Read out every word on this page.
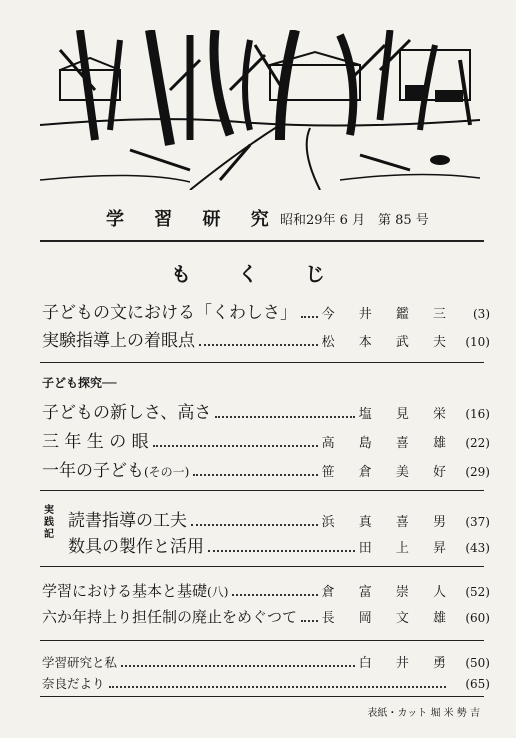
学 習 研 究 昭和29年 6 月 第 85 号
も く じ
子どもの文における「くわしさ」 今 井 鑑 三	(3)
実験指導上の着眼点	松 本 武 夫 (10)
子ども探究──
子どもの新しさ、高さ	塩 見 栄 (16)
三 年 生 の 眼	高 島 喜 雄 (22)
一年の子ども (その一)	笹 倉 美 好 (29)
実
践
記
読書指導の工夫	浜 真 喜 男 (37)
数具の製作と活用	田 上 昇 (43)
学習における基本と基礎 (八)	倉 富 崇 人 (52)
六か年持上り担任制の廃止をめぐつて 長 岡 文 雄 (60)
学習研究と私	白 井 勇 (50)
奈良だより	(65)
表紙・カット 堀 米 勢 吉
